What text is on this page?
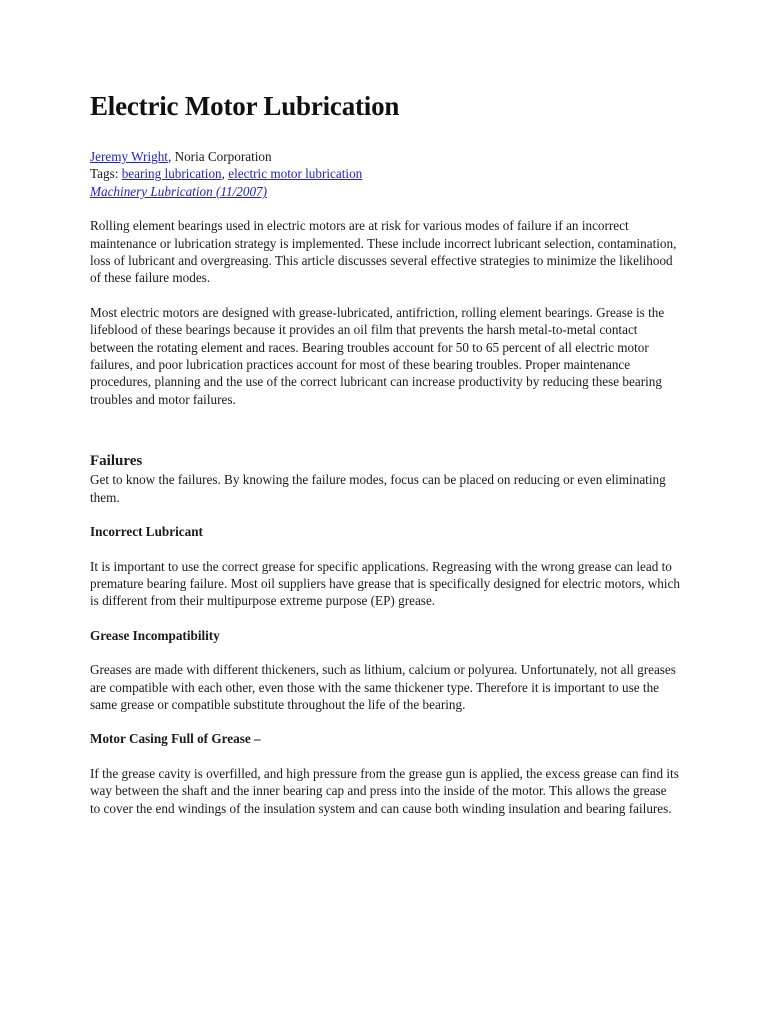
Electric Motor Lubrication

Jeremy Wright, Noria Corporation

Tags: bearing lubrication, electric motor lubrication

Machinery Lubrication (11/2007)

Rolling element bearings used in electric motors are at risk for various modes of failure if an incorrect maintenance or lubrication strategy is implemented. These include incorrect lubricant selection, contamination, loss of lubricant and overgreasing. This article discusses several effective strategies to minimize the likelihood of these failure modes.

Most electric motors are designed with grease-lubricated, antifriction, rolling element bearings. Grease is the lifeblood of these bearings because it provides an oil film that prevents the harsh metal-to-metal contact between the rotating element and races. Bearing troubles account for 50 to 65 percent of all electric motor failures, and poor lubrication practices account for most of these bearing troubles. Proper maintenance procedures, planning and the use of the correct lubricant can increase productivity by reducing these bearing troubles and motor failures.

Failures

Get to know the failures. By knowing the failure modes, focus can be placed on reducing or even eliminating them.

Incorrect Lubricant

It is important to use the correct grease for specific applications. Regreasing with the wrong grease can lead to premature bearing failure. Most oil suppliers have grease that is specifically designed for electric motors, which is different from their multipurpose extreme purpose (EP) grease.

Grease Incompatibility

Greases are made with different thickeners, such as lithium, calcium or polyurea. Unfortunately, not all greases are compatible with each other, even those with the same thickener type. Therefore it is important to use the same grease or compatible substitute throughout the life of the bearing.

Motor Casing Full of Grease –

If the grease cavity is overfilled, and high pressure from the grease gun is applied, the excess grease can find its way between the shaft and the inner bearing cap and press into the inside of the motor. This allows the grease to cover the end windings of the insulation system and can cause both winding insulation and bearing failures.
